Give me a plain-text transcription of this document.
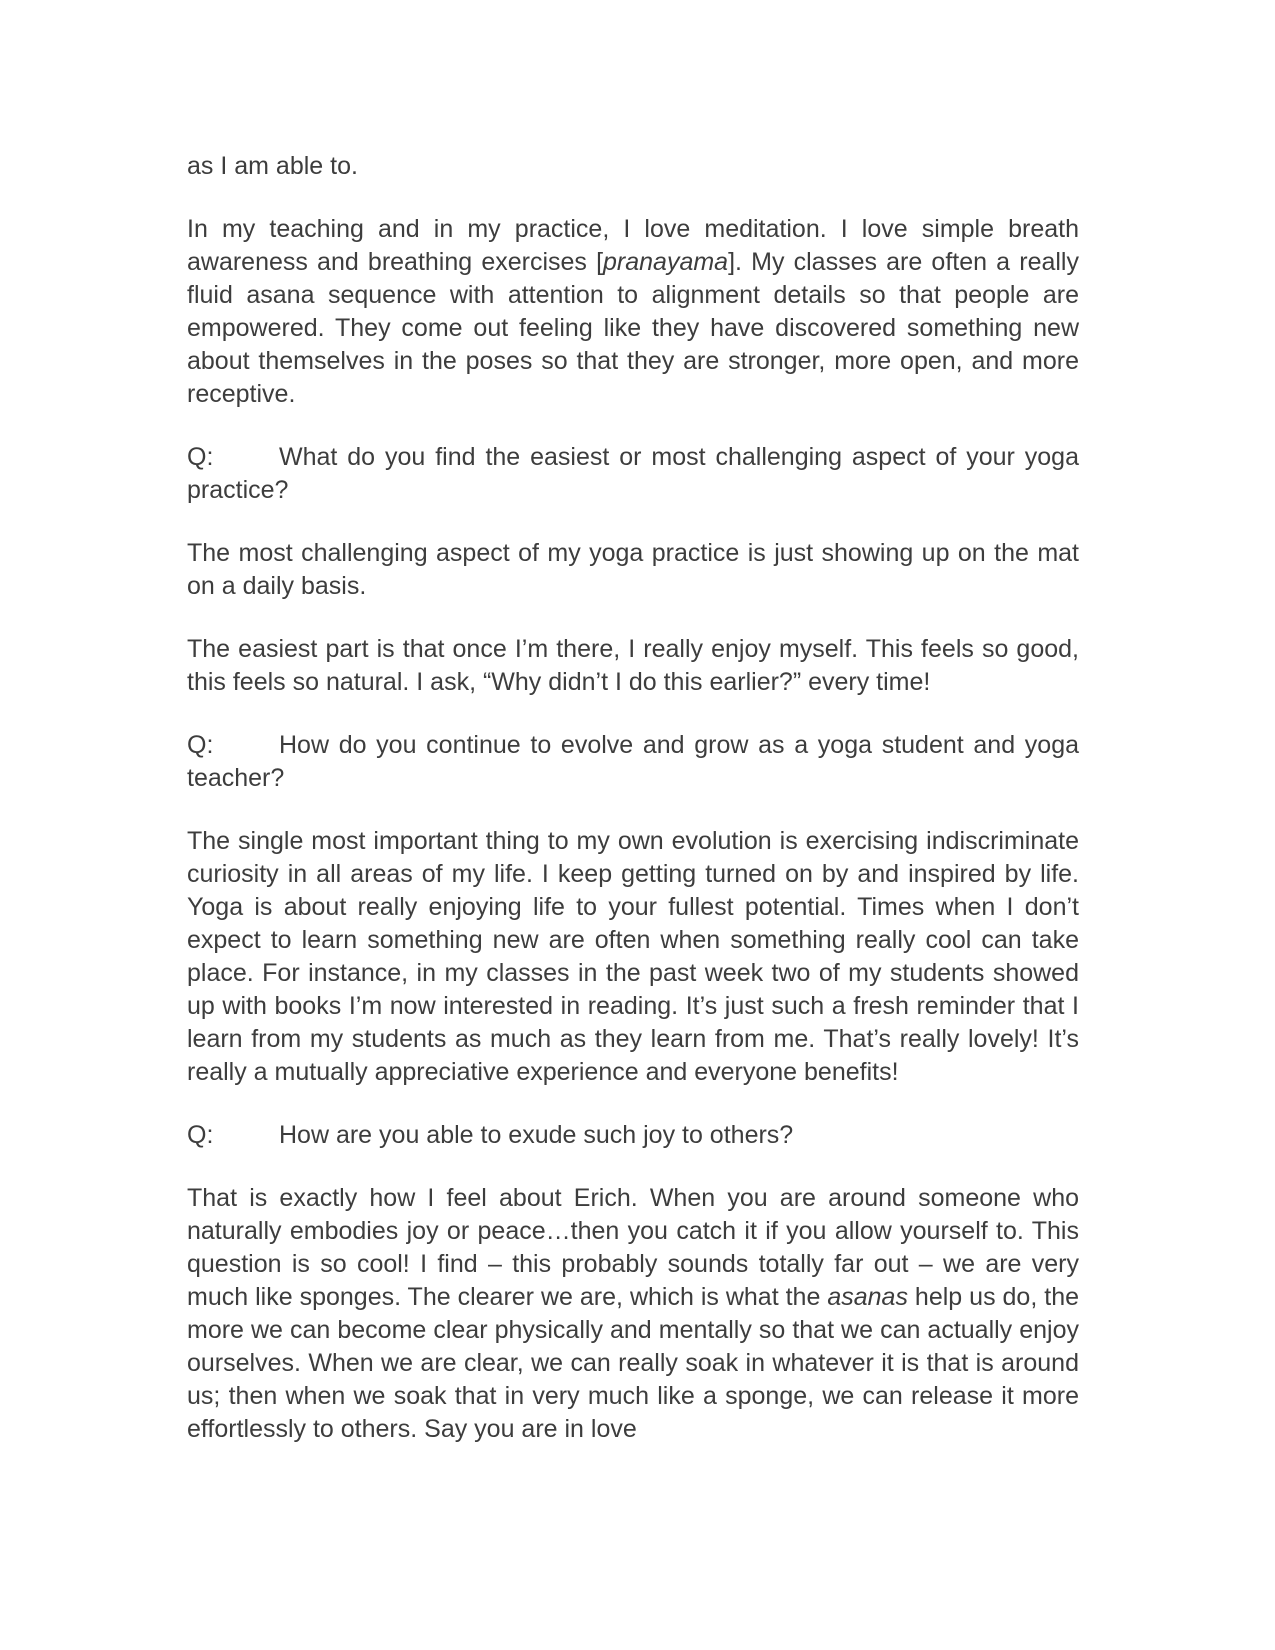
as I am able to.

In my teaching and in my practice, I love meditation. I love simple breath awareness and breathing exercises [pranayama]. My classes are often a really fluid asana sequence with attention to alignment details so that people are empowered. They come out feeling like they have discovered something new about themselves in the poses so that they are stronger, more open, and more receptive.

Q:	What do you find the easiest or most challenging aspect of your yoga practice?

The most challenging aspect of my yoga practice is just showing up on the mat on a daily basis.

The easiest part is that once I’m there, I really enjoy myself. This feels so good, this feels so natural. I ask, “Why didn’t I do this earlier?” every time!

Q:	How do you continue to evolve and grow as a yoga student and yoga teacher?

The single most important thing to my own evolution is exercising indiscriminate curiosity in all areas of my life. I keep getting turned on by and inspired by life. Yoga is about really enjoying life to your fullest potential. Times when I don’t expect to learn something new are often when something really cool can take place. For instance, in my classes in the past week two of my students showed up with books I’m now interested in reading. It’s just such a fresh reminder that I learn from my students as much as they learn from me. That’s really lovely! It’s really a mutually appreciative experience and everyone benefits!

Q:	How are you able to exude such joy to others?

That is exactly how I feel about Erich. When you are around someone who naturally embodies joy or peace…then you catch it if you allow yourself to. This question is so cool! I find – this probably sounds totally far out – we are very much like sponges. The clearer we are, which is what the asanas help us do, the more we can become clear physically and mentally so that we can actually enjoy ourselves. When we are clear, we can really soak in whatever it is that is around us; then when we soak that in very much like a sponge, we can release it more effortlessly to others. Say you are in love
